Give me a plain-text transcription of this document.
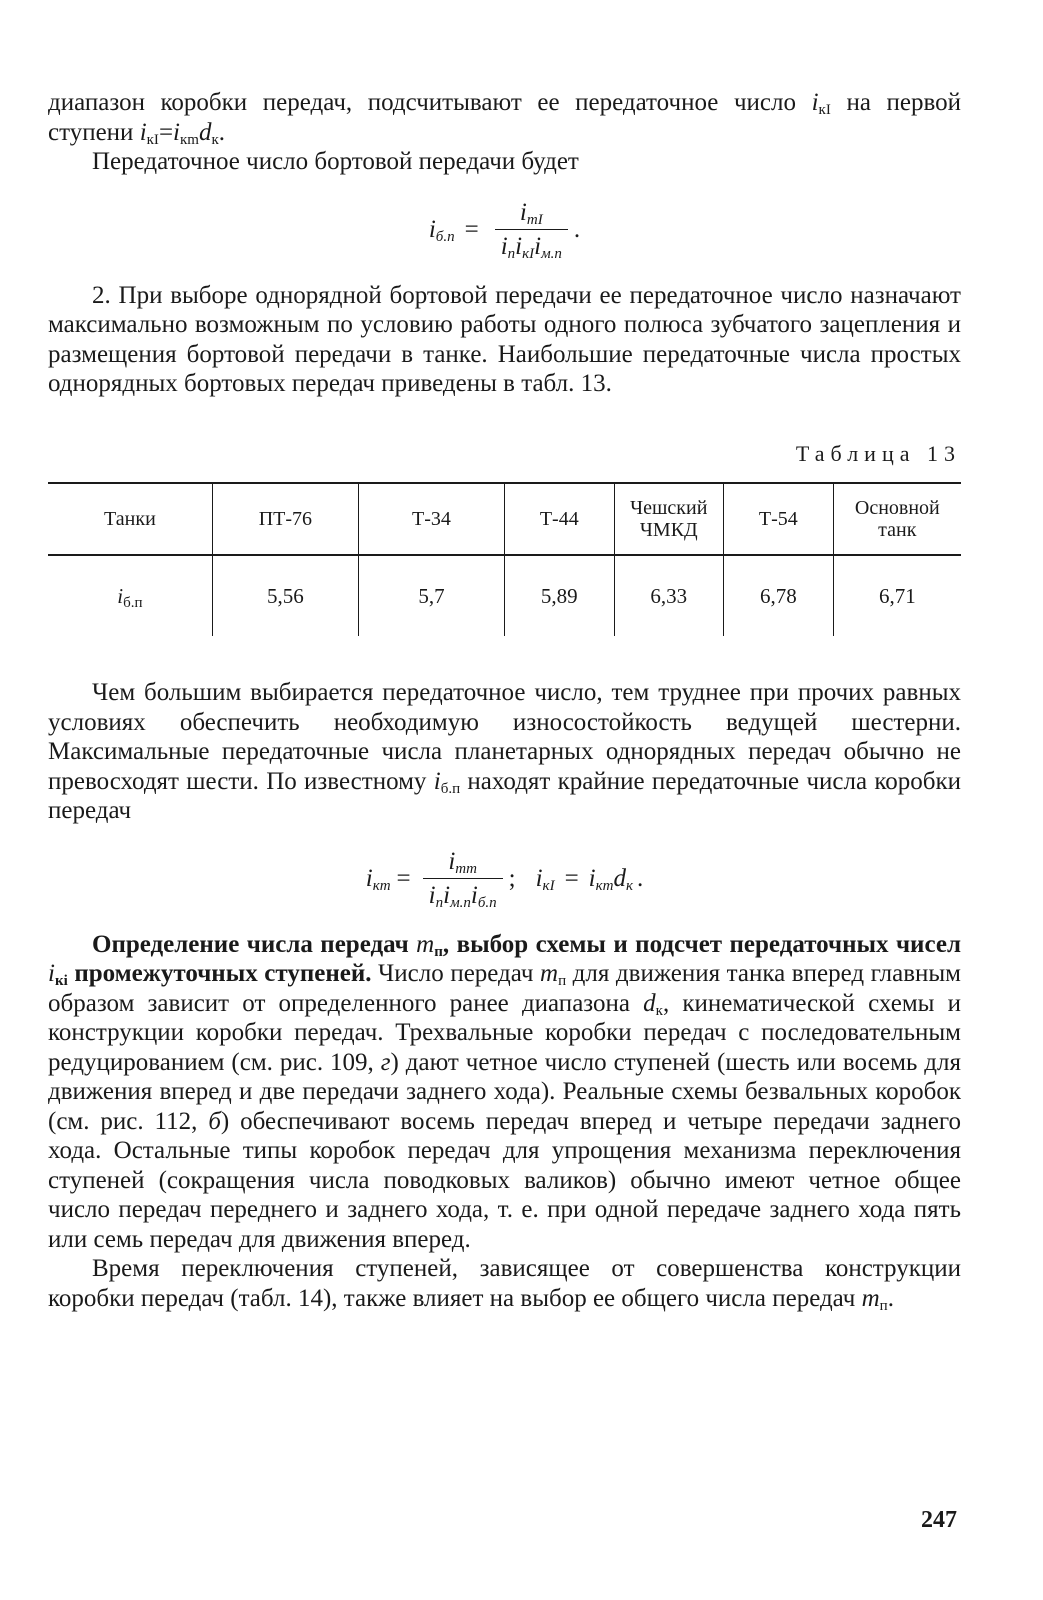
диапазон коробки передач, подсчитывают ее передаточное число $i_{кI}$ на первой ступени $i_{кI}=i_{кm}d_к$.

Передаточное число бортовой передачи будет

$i_{б.п} = \frac{i_{тI}}{i_пi_{кI}i_{м.п}}$ .

2. При выборе однорядной бортовой передачи ее передаточное число назначают максимально возможным по условию работы одного полюса зубчатого зацепления и размещения бортовой передачи в танке. Наибольшие передаточные числа простых однорядных бортовых передач приведены в табл. 13.

Таблица 13

Танки	ПТ-76	Т-34	Т-44	Чешский ЧМКД	Т-54	Основной танк
$i_{б.п}$	5,56	5,7	5,89	6,33	6,78	6,71

Чем большим выбирается передаточное число, тем труднее при прочих равных условиях обеспечить необходимую износостойкость ведущей шестерни. Максимальные передаточные числа планетарных однорядных передач обычно не превосходят шести. По известному $i_{б.п}$ находят крайние передаточные числа коробки передач

$i_{кm} = \frac{i_{тm}}{i_пi_{м.п}i_{б.п}}$ ; $i_{кI} = i_{кm}d_к$ .

Определение числа передач $m_п$, выбор схемы и подсчет передаточных чисел $i_{кi}$ промежуточных ступеней. Число передач $m_п$ для движения танка вперед главным образом зависит от определенного ранее диапазона $d_к$, кинематической схемы и конструкции коробки передач. Трехвальные коробки передач с последовательным редуцированием (см. рис. 109, г) дают четное число ступеней (шесть или восемь для движения вперед и две передачи заднего хода). Реальные схемы безвальных коробок (см. рис. 112, б) обеспечивают восемь передач вперед и четыре передачи заднего хода. Остальные типы коробок передач для упрощения механизма переключения ступеней (сокращения числа поводковых валиков) обычно имеют четное общее число передач переднего и заднего хода, т. е. при одной передаче заднего хода пять или семь передач для движения вперед.

Время переключения ступеней, зависящее от совершенства конструкции коробки передач (табл. 14), также влияет на выбор ее общего числа передач $m_п$.

247
